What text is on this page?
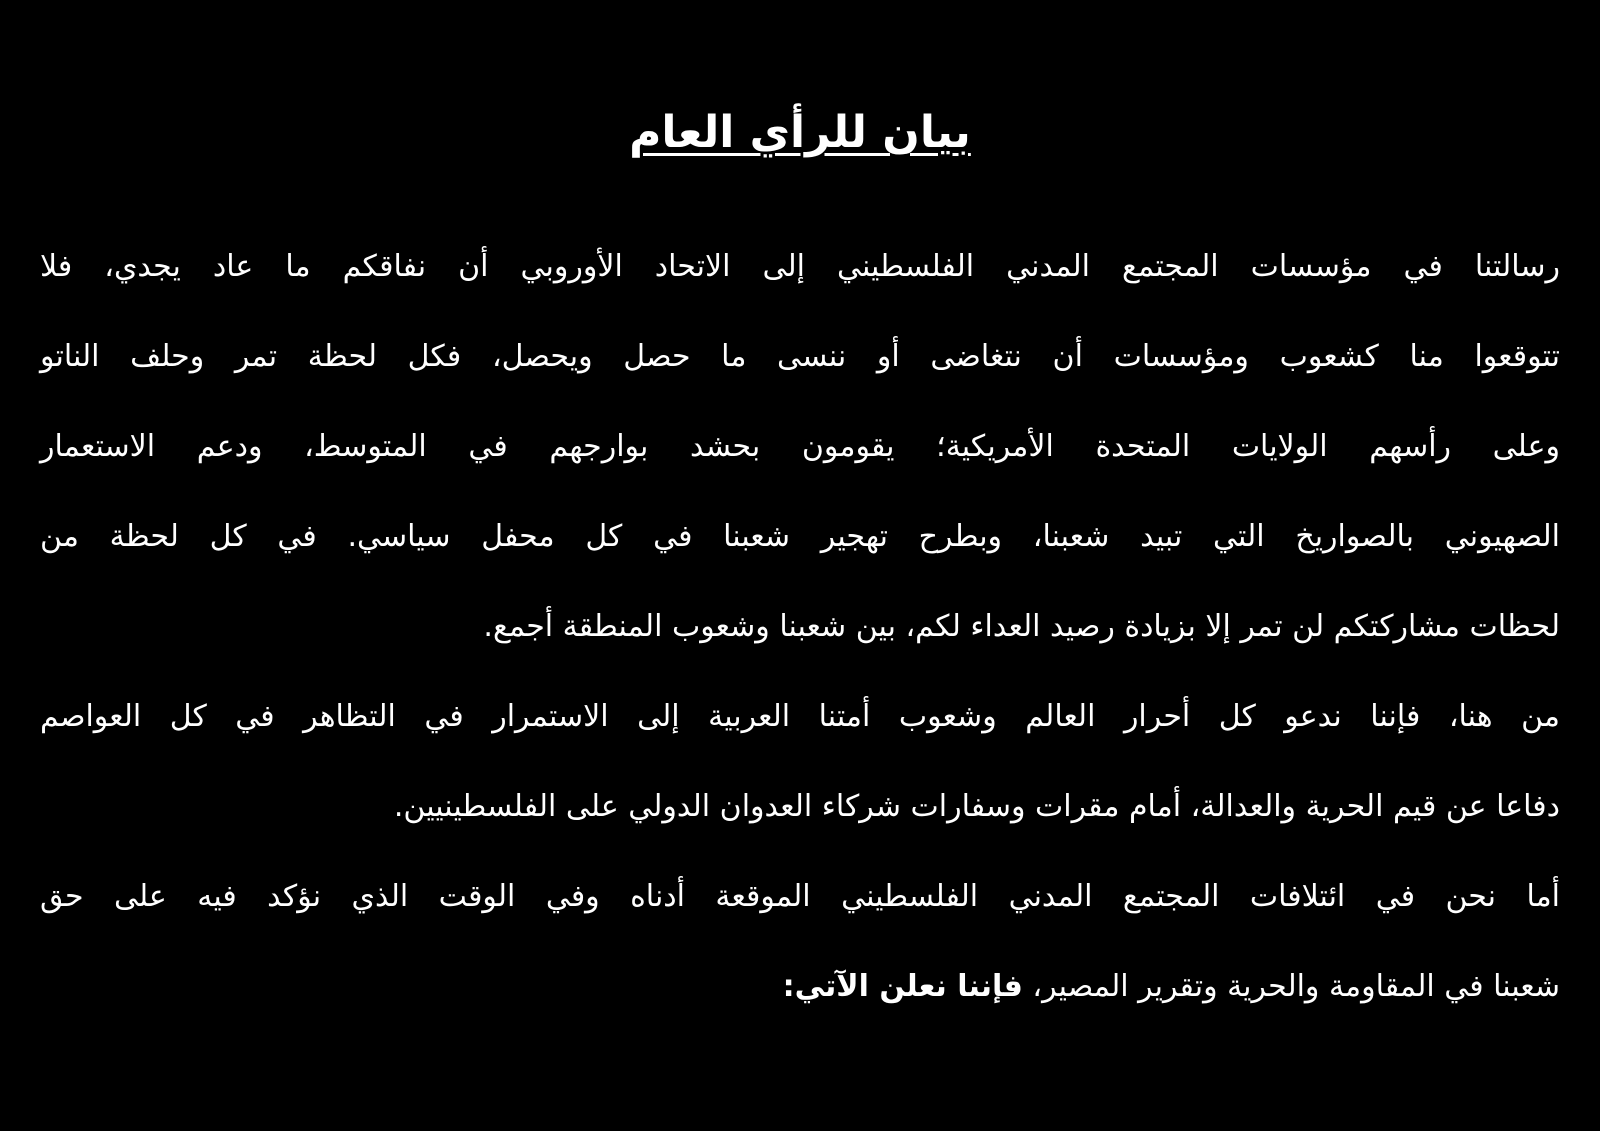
بيان للرأي العام
رسالتنا في مؤسسات المجتمع المدني الفلسطيني إلى الاتحاد الأوروبي أن نفاقكم ما عاد يجدي، فلا
تتوقعوا منا كشعوب ومؤسسات أن نتغاضى أو ننسى ما حصل ويحصل، فكل لحظة تمر وحلف الناتو
وعلى رأسهم الولايات المتحدة الأمريكية؛ يقومون بحشد بوارجهم في المتوسط، ودعم الاستعمار
الصهيوني بالصواريخ التي تبيد شعبنا، وبطرح تهجير شعبنا في كل محفل سياسي. في كل لحظة من
لحظات مشاركتكم لن تمر إلا بزيادة رصيد العداء لكم، بين شعبنا وشعوب المنطقة أجمع.
من هنا، فإننا ندعو كل أحرار العالم وشعوب أمتنا العربية إلى الاستمرار في التظاهر في كل العواصم
دفاعا عن قيم الحرية والعدالة، أمام مقرات وسفارات شركاء العدوان الدولي على الفلسطينيين.
أما نحن في ائتلافات المجتمع المدني الفلسطيني الموقعة أدناه وفي الوقت الذي نؤكد فيه على حق
شعبنا في المقاومة والحرية وتقرير المصير، فإننا نعلن الآتي:
